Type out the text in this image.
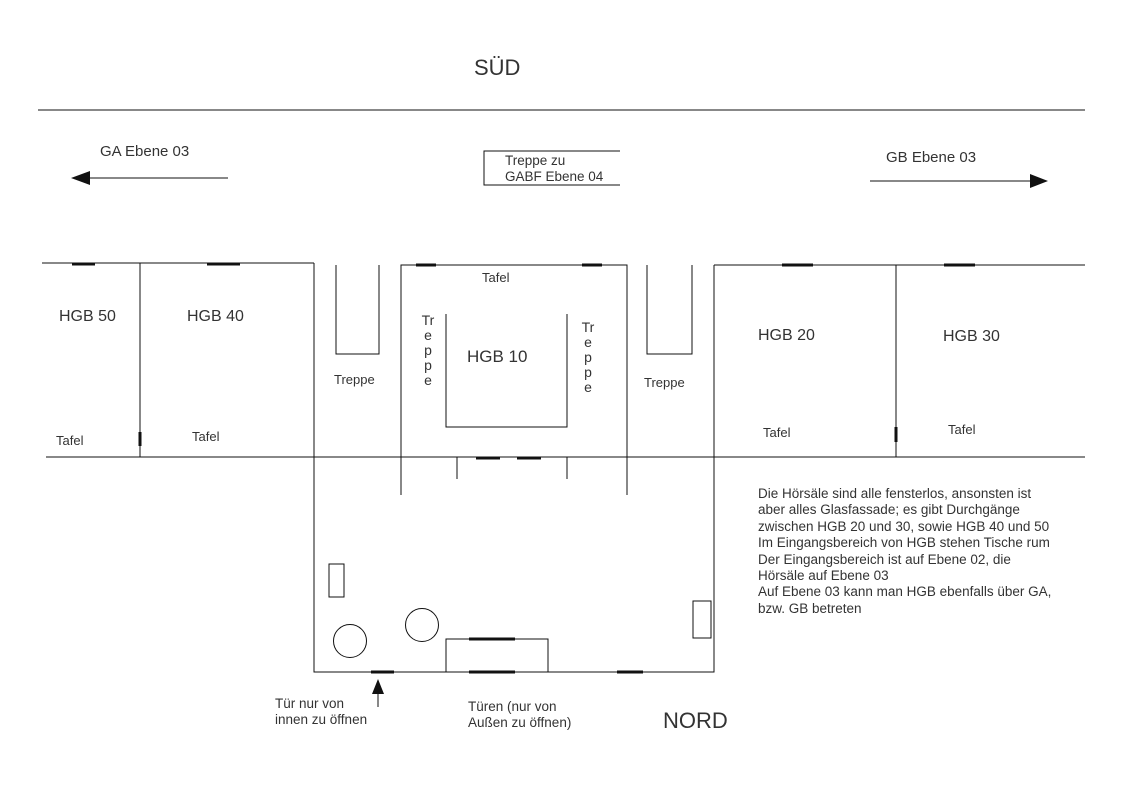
SÜD
NORD
GA Ebene 03	GB Ebene 03
Treppe zu
GABF Ebene 04
HGB 50	HGB 40
HGB 10
HGB 20	HGB 30
Tafel	Tafel
Tafel
Tafel	Tafel
Treppe	Treppe
Treppe
Treppe
Tür nur von
innen zu öffnen
Türen (nur von
Außen zu öffnen)
Die Hörsäle sind alle fensterlos, ansonsten ist aber alles Glasfassade; es gibt Durchgänge zwischen HGB 20 und 30, sowie HGB 40 und 50
Im Eingangsbereich von HGB stehen Tische rum
Der Eingangsbereich ist auf Ebene 02, die Hörsäle auf Ebene 03
Auf Ebene 03 kann man HGB ebenfalls über GA, bzw. GB betreten
